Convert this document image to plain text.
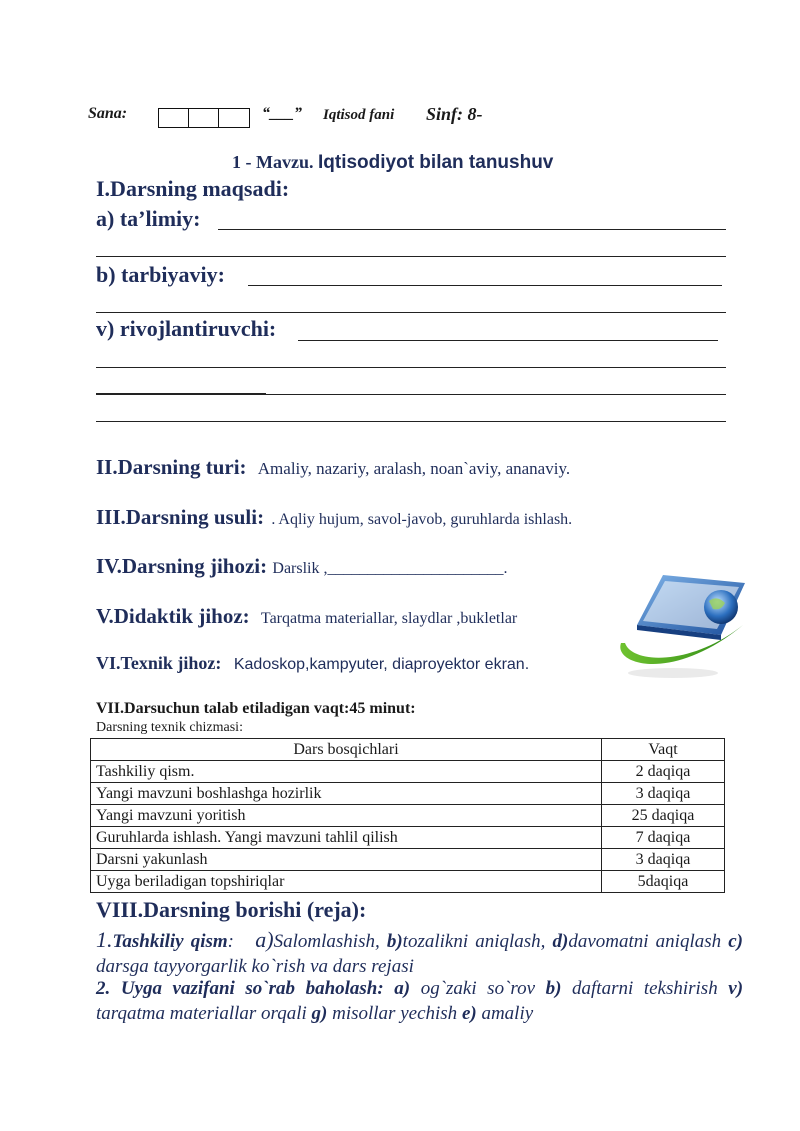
Sana:	“___” Iqtisod fani Sinf: 8-
1 - Mavzu. Iqtisodiyot bilan tanushuv
I.Darsning maqsadi:
a) ta’limiy:
b) tarbiyaviy:
v) rivojlantiruvchi:
II.Darsning turi: Amaliy, nazariy, aralash, noan`aviy, ananaviy.
III.Darsning usuli: . Aqliy hujum, savol-javob, guruhlarda ishlash.
IV.Darsning jihozi: Darslik ,______________________.
V.Didaktik jihoz: Tarqatma materiallar, slaydlar ,bukletlar
VI.Texnik jihoz: Kadoskop,kampyuter, diaproyektor ekran.
VII.Darsuchun talab etiladigan vaqt:45 minut:
Darsning texnik chizmasi:
Dars bosqichlari	Vaqt
Tashkiliy qism.	2 daqiqa
Yangi mavzuni boshlashga hozirlik	3 daqiqa
Yangi mavzuni yoritish	25 daqiqa
Guruhlarda ishlash. Yangi mavzuni tahlil qilish	7 daqiqa
Darsni yakunlash	3 daqiqa
Uyga beriladigan topshiriqlar	5daqiqa
VIII.Darsning borishi (reja):
1.Tashkiliy qism: a)Salomlashish, b)tozalikni aniqlash, d)davomatni aniqlash c) darsga tayyorgarlik ko`rish va dars rejasi
2. Uyga vazifani so`rab baholash: a) og`zaki so`rov b) daftarni tekshirish v) tarqatma materiallar orqali g) misollar yechish e) amaliy
